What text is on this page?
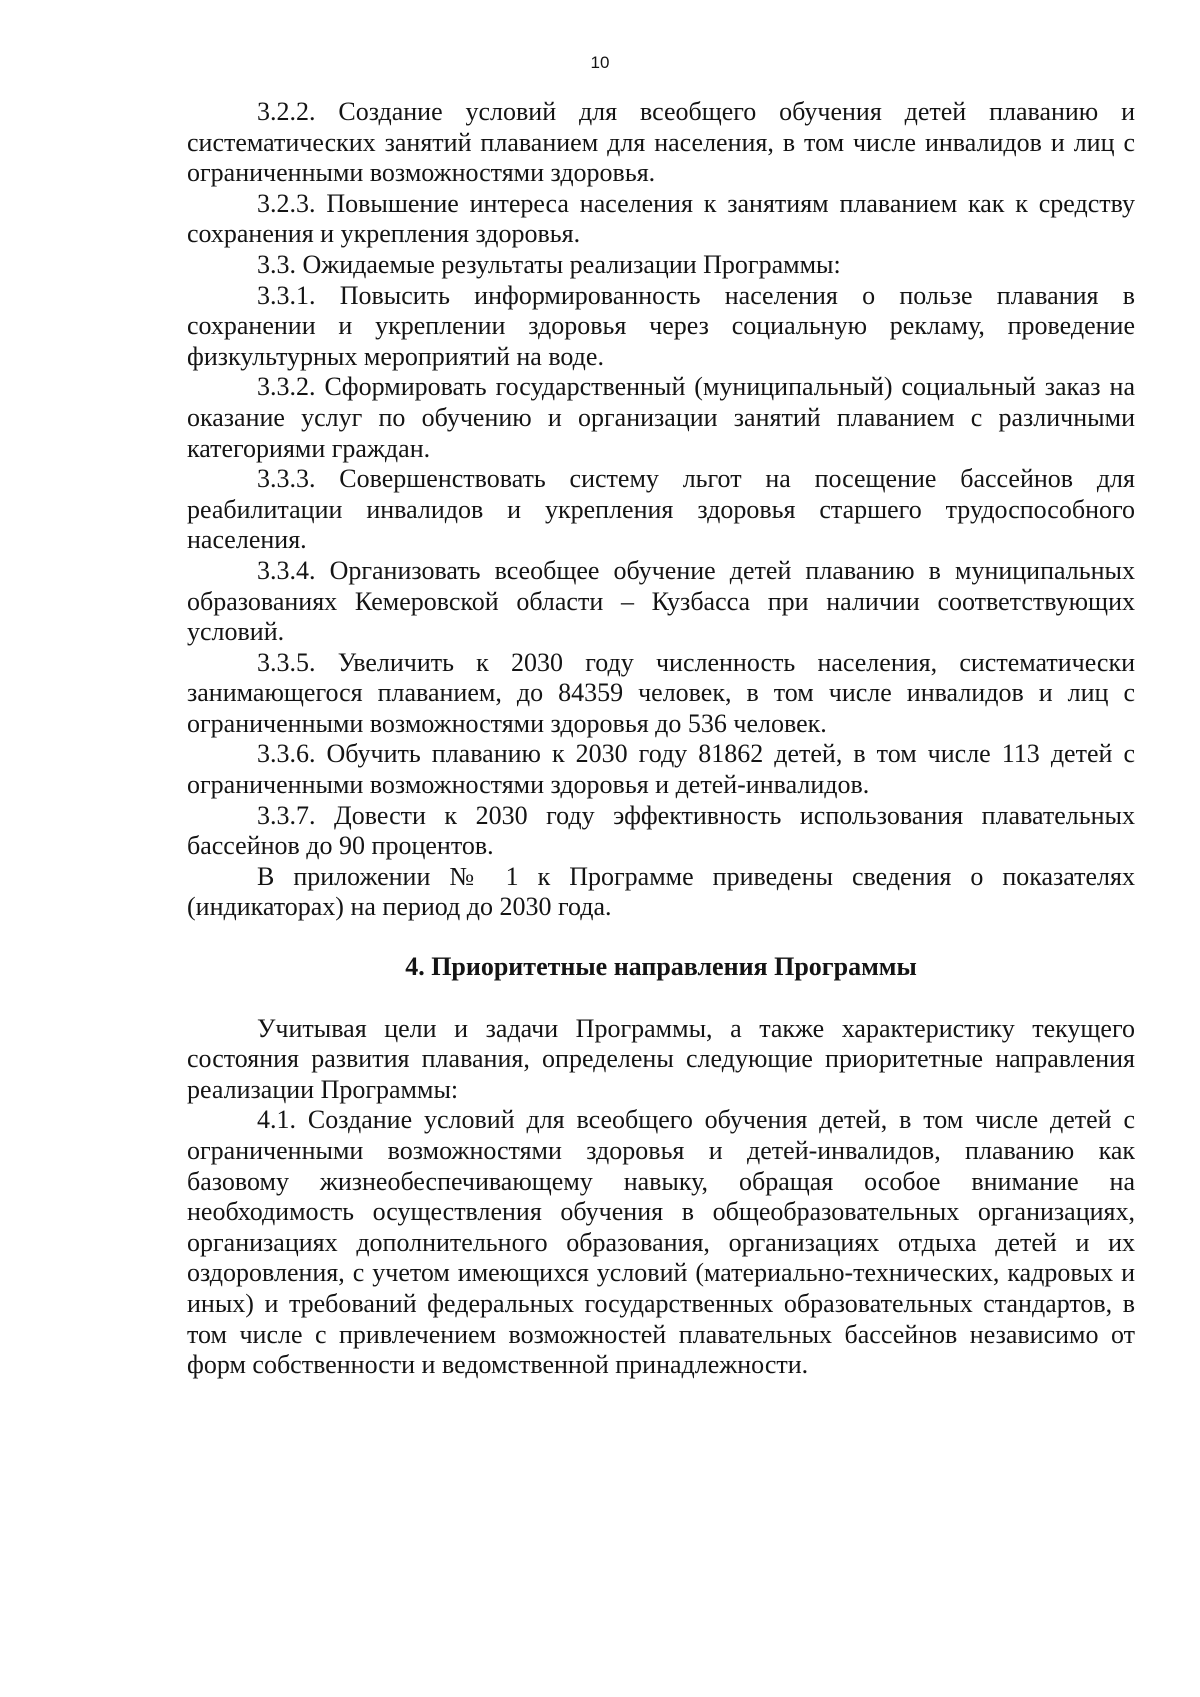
10

3.2.2. Создание условий для всеобщего обучения детей плаванию и систематических занятий плаванием для населения, в том числе инвалидов и лиц с ограниченными возможностями здоровья.

3.2.3. Повышение интереса населения к занятиям плаванием как к средству сохранения и укрепления здоровья.

3.3. Ожидаемые результаты реализации Программы:

3.3.1. Повысить информированность населения о пользе плавания в сохранении и укреплении здоровья через социальную рекламу, проведение физкультурных мероприятий на воде.

3.3.2. Сформировать государственный (муниципальный) социальный заказ на оказание услуг по обучению и организации занятий плаванием с различными категориями граждан.

3.3.3. Совершенствовать систему льгот на посещение бассейнов для реабилитации инвалидов и укрепления здоровья старшего трудоспособного населения.

3.3.4. Организовать всеобщее обучение детей плаванию в муниципальных образованиях Кемеровской области – Кузбасса при наличии соответствующих условий.

3.3.5. Увеличить к 2030 году численность населения, систематически занимающегося плаванием, до 84359 человек, в том числе инвалидов и лиц с ограниченными возможностями здоровья до 536 человек.

3.3.6. Обучить плаванию к 2030 году 81862 детей, в том числе 113 детей с ограниченными возможностями здоровья и детей-инвалидов.

3.3.7. Довести к 2030 году эффективность использования плавательных бассейнов до 90 процентов.

В приложении № 1 к Программе приведены сведения о показателях (индикаторах) на период до 2030 года.

4. Приоритетные направления Программы

Учитывая цели и задачи Программы, а также характеристику текущего состояния развития плавания, определены следующие приоритетные направления реализации Программы:

4.1. Создание условий для всеобщего обучения детей, в том числе детей с ограниченными возможностями здоровья и детей-инвалидов, плаванию как базовому жизнеобеспечивающему навыку, обращая особое внимание на необходимость осуществления обучения в общеобразовательных организациях, организациях дополнительного образования, организациях отдыха детей и их оздоровления, с учетом имеющихся условий (материально-технических, кадровых и иных) и требований федеральных государственных образовательных стандартов, в том числе с привлечением возможностей плавательных бассейнов независимо от форм собственности и ведомственной принадлежности.
